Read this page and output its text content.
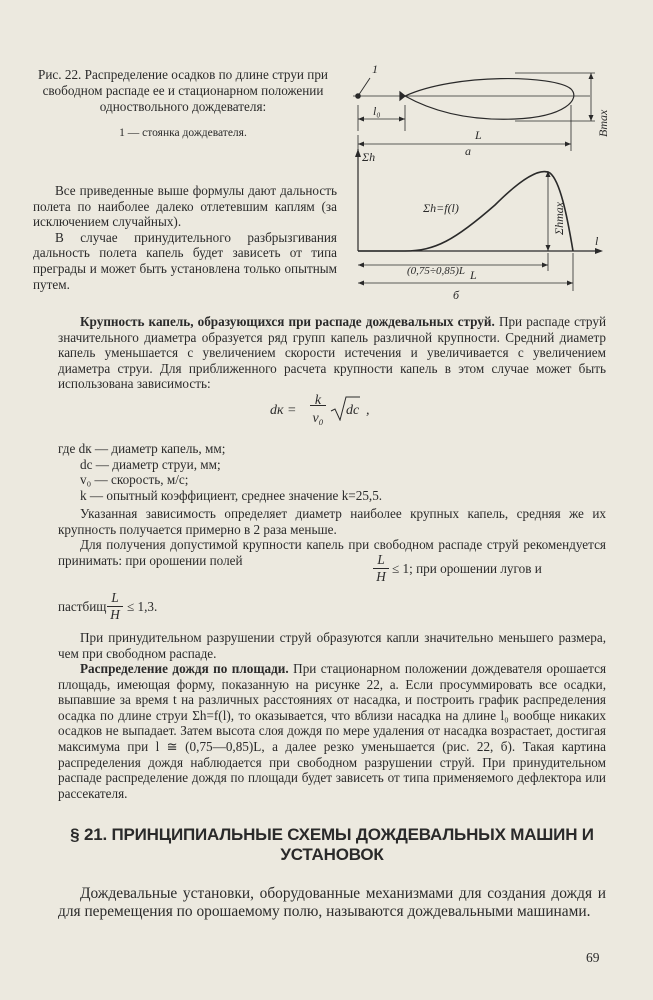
Рис. 22. Распределение осадков по длине струи при свободном распаде ее и стационарном положении одноствольного дождевателя:
1 — стоянка дождевателя.
1
l₀
L
a
Bmax
Σh
Σh=f(l)	Σhmax
l
(0,75÷0,85)L L
б

Все приведенные выше формулы дают дальность полета по наиболее далеко отлетевшим каплям (за исключением случайных).

В случае принудительного разбрызгивания дальность полета капель будет зависеть от типа преграды и может быть установлена только опытным путем.

Крупность капель, образующихся при распаде дождевальных струй. При распаде струй значительного диаметра образуется ряд групп капель различной крупности. Средний диаметр капель уменьшается с увеличением скорости истечения и увеличивается с увеличением диаметра струи. Для приближенного расчета крупности капель в этом случае может быть использована зависимость:

dк =
k
v₀
dс ,
где dк — диаметр капель, мм;
dс — диаметр струи, мм;
v₀ — скорость, м/с;
k — опытный коэффициент, среднее значение k=25,5.

Указанная зависимость определяет диаметр наиболее крупных капель, средняя же их крупность получается примерно в 2 раза меньше.

Для получения допустимой крупности капель при свободном распаде струй рекомендуется принимать: при орошении полей	$\frac{L}{H} \le 1$; при орошении лугов и
пастбищ $\frac{L}{H} \le 1,3$.

При принудительном разрушении струй образуются капли значительно меньшего размера, чем при свободном распаде.

Распределение дождя по площади. При стационарном положении дождевателя орошается площадь, имеющая форму, показанную на рисунке 22, а. Если просуммировать все осадки, выпавшие за время t на различных расстояниях от насадка, и построить график распределения осадка по длине струи Σh=f(l), то оказывается, что вблизи насадка на длине l₀ вообще никаких осадков не выпадает. Затем высота слоя дождя по мере удаления от насадка возрастает, достигая максимума при l ≅ (0,75—0,85)L, а далее резко уменьшается (рис. 22, б). Такая картина распределения дождя наблюдается при свободном разрушении струй. При принудительном распаде распределение дождя по площади будет зависеть от типа применяемого дефлектора или рассекателя.

§ 21. ПРИНЦИПИАЛЬНЫЕ СХЕМЫ ДОЖДЕВАЛЬНЫХ МАШИН И УСТАНОВОК

Дождевальные установки, оборудованные механизмами для создания дождя и для перемещения по орошаемому полю, называются дождевальными машинами.

69
